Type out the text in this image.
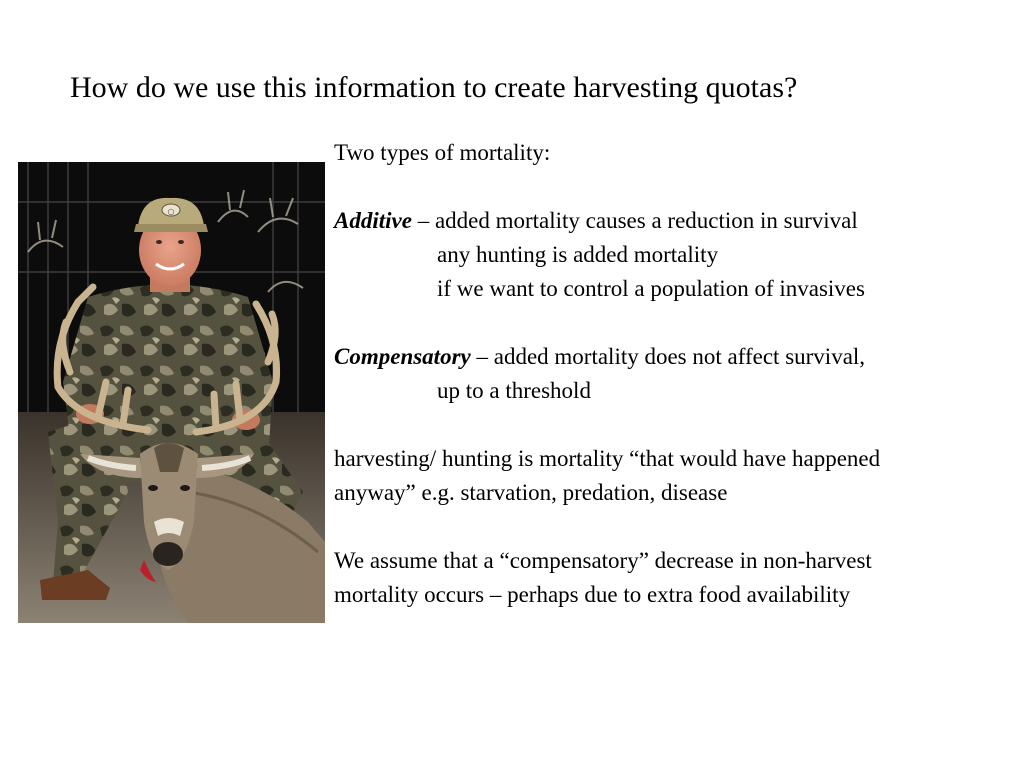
How do we use this information to create harvesting quotas?
○
Two types of mortality:
Additive – added mortality causes a reduction in survival
any hunting is added mortality
if we want to control a population of invasives
Compensatory – added mortality does not affect survival,
up to a threshold
harvesting/ hunting is mortality “that would have happened
anyway” e.g. starvation, predation, disease
We assume that a “compensatory” decrease in non-harvest
mortality occurs – perhaps due to extra food availability
